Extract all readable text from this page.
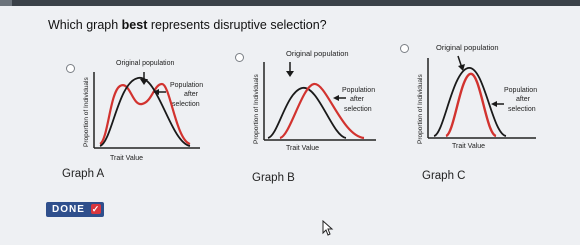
Which graph best represents disruptive selection?
Original population
Population
after
selection
Trait Value
Proportion of Individuals
Graph A
Original population
Population
after
selection
Trait Value
Proportion of Individuals
Graph B
Original population
Population
after
selection
Trait Value
Proportion of Individuals
Graph C
DONE ✓
